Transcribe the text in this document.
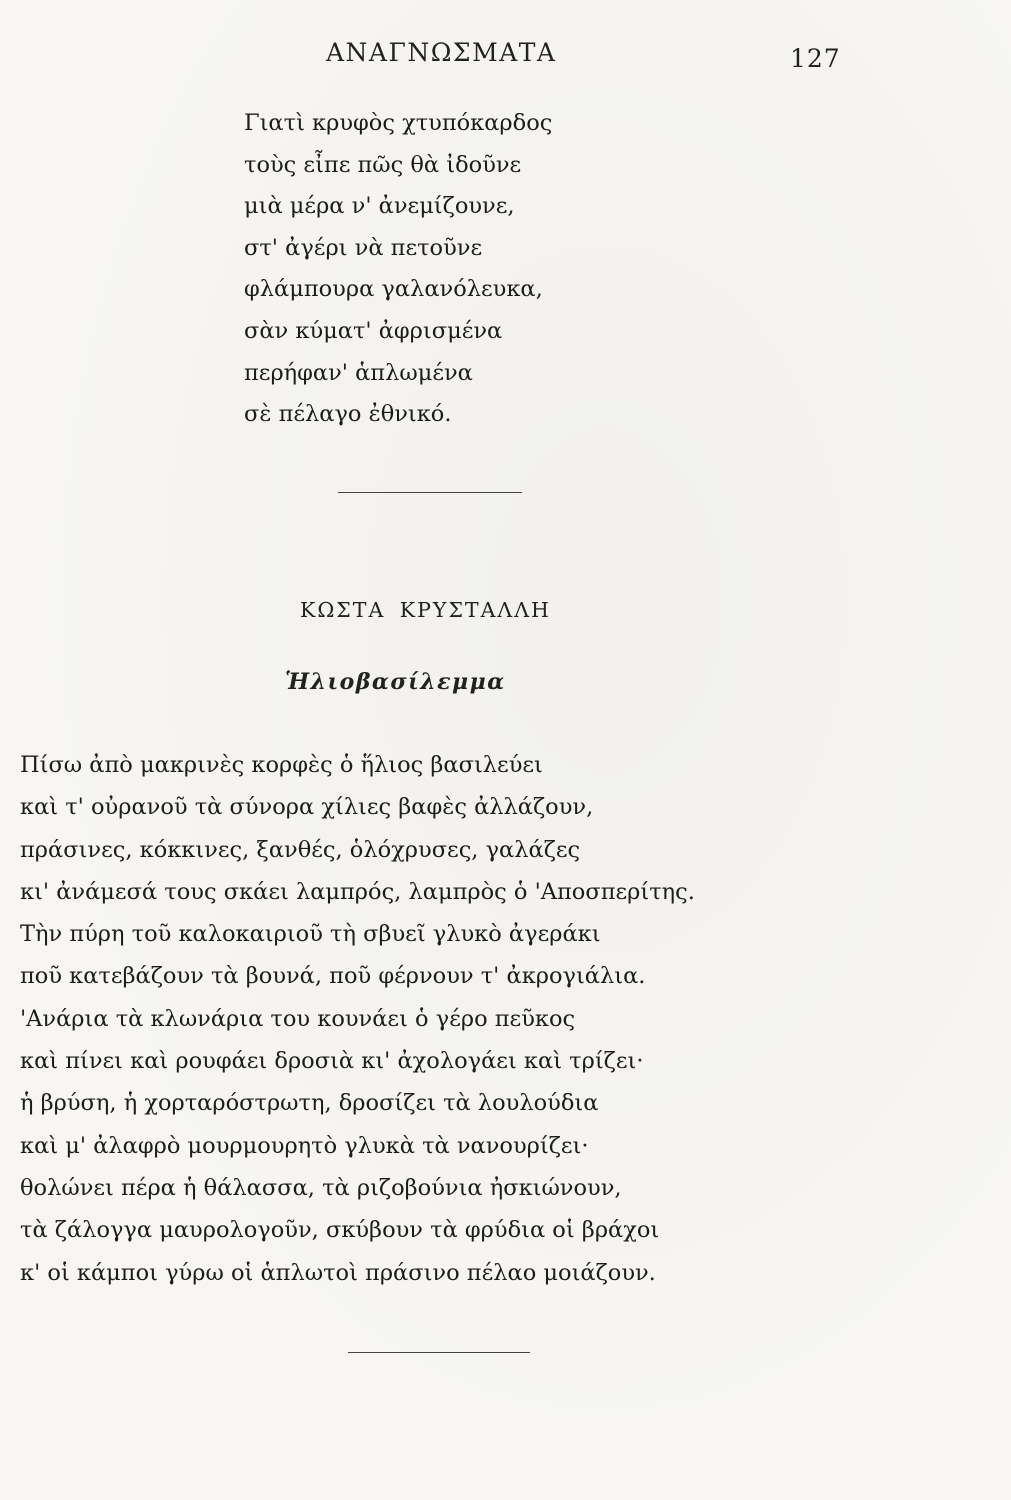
ΑΝΑΓΝΩΣΜΑΤΑ	127
Γιατὶ κρυφὸς χτυπόκαρδος
τοὺς εἶπε πῶς θὰ ἰδοῦνε
μιὰ μέρα ν' ἀνεμίζουνε,
στ' ἀγέρι νὰ πετοῦνε
φλάμπουρα γαλανόλευκα,
σὰν κύματ' ἀφρισμένα
περήφαν' ἁπλωμένα
σὲ πέλαγο ἐθνικό.
ΚΩΣΤΑ ΚΡΥΣΤΑΛΛΗ
Ἡλιοβασίλεμμα
Πίσω ἀπὸ μακρινὲς κορφὲς ὁ ἥλιος βασιλεύει
καὶ τ' οὐρανοῦ τὰ σύνορα χίλιες βαφὲς ἀλλάζουν,
πράσινες, κόκκινες, ξανθές, ὁλόχρυσες, γαλάζες
κι' ἀνάμεσά τους σκάει λαμπρός, λαμπρὸς ὁ 'Αποσπερίτης.
Τὴν πύρη τοῦ καλοκαιριοῦ τὴ σβυεῖ γλυκὸ ἀγεράκι
ποῦ κατεβάζουν τὰ βουνά, ποῦ φέρνουν τ' ἀκρογιάλια.
'Ανάρια τὰ κλωνάρια του κουνάει ὁ γέρο πεῦκος
καὶ πίνει καὶ ρουφάει δροσιὰ κι' ἀχολογάει καὶ τρίζει·
ἡ βρύση, ἡ χορταρόστρωτη, δροσίζει τὰ λουλούδια
καὶ μ' ἀλαφρὸ μουρμουρητὸ γλυκὰ τὰ νανουρίζει·
θολώνει πέρα ἡ θάλασσα, τὰ ριζοβούνια ἠσκιώνουν,
τὰ ζάλογγα μαυρολογοῦν, σκύβουν τὰ φρύδια οἱ βράχοι
κ' οἱ κάμποι γύρω οἱ ἁπλωτοὶ πράσινο πέλαο μοιάζουν.
